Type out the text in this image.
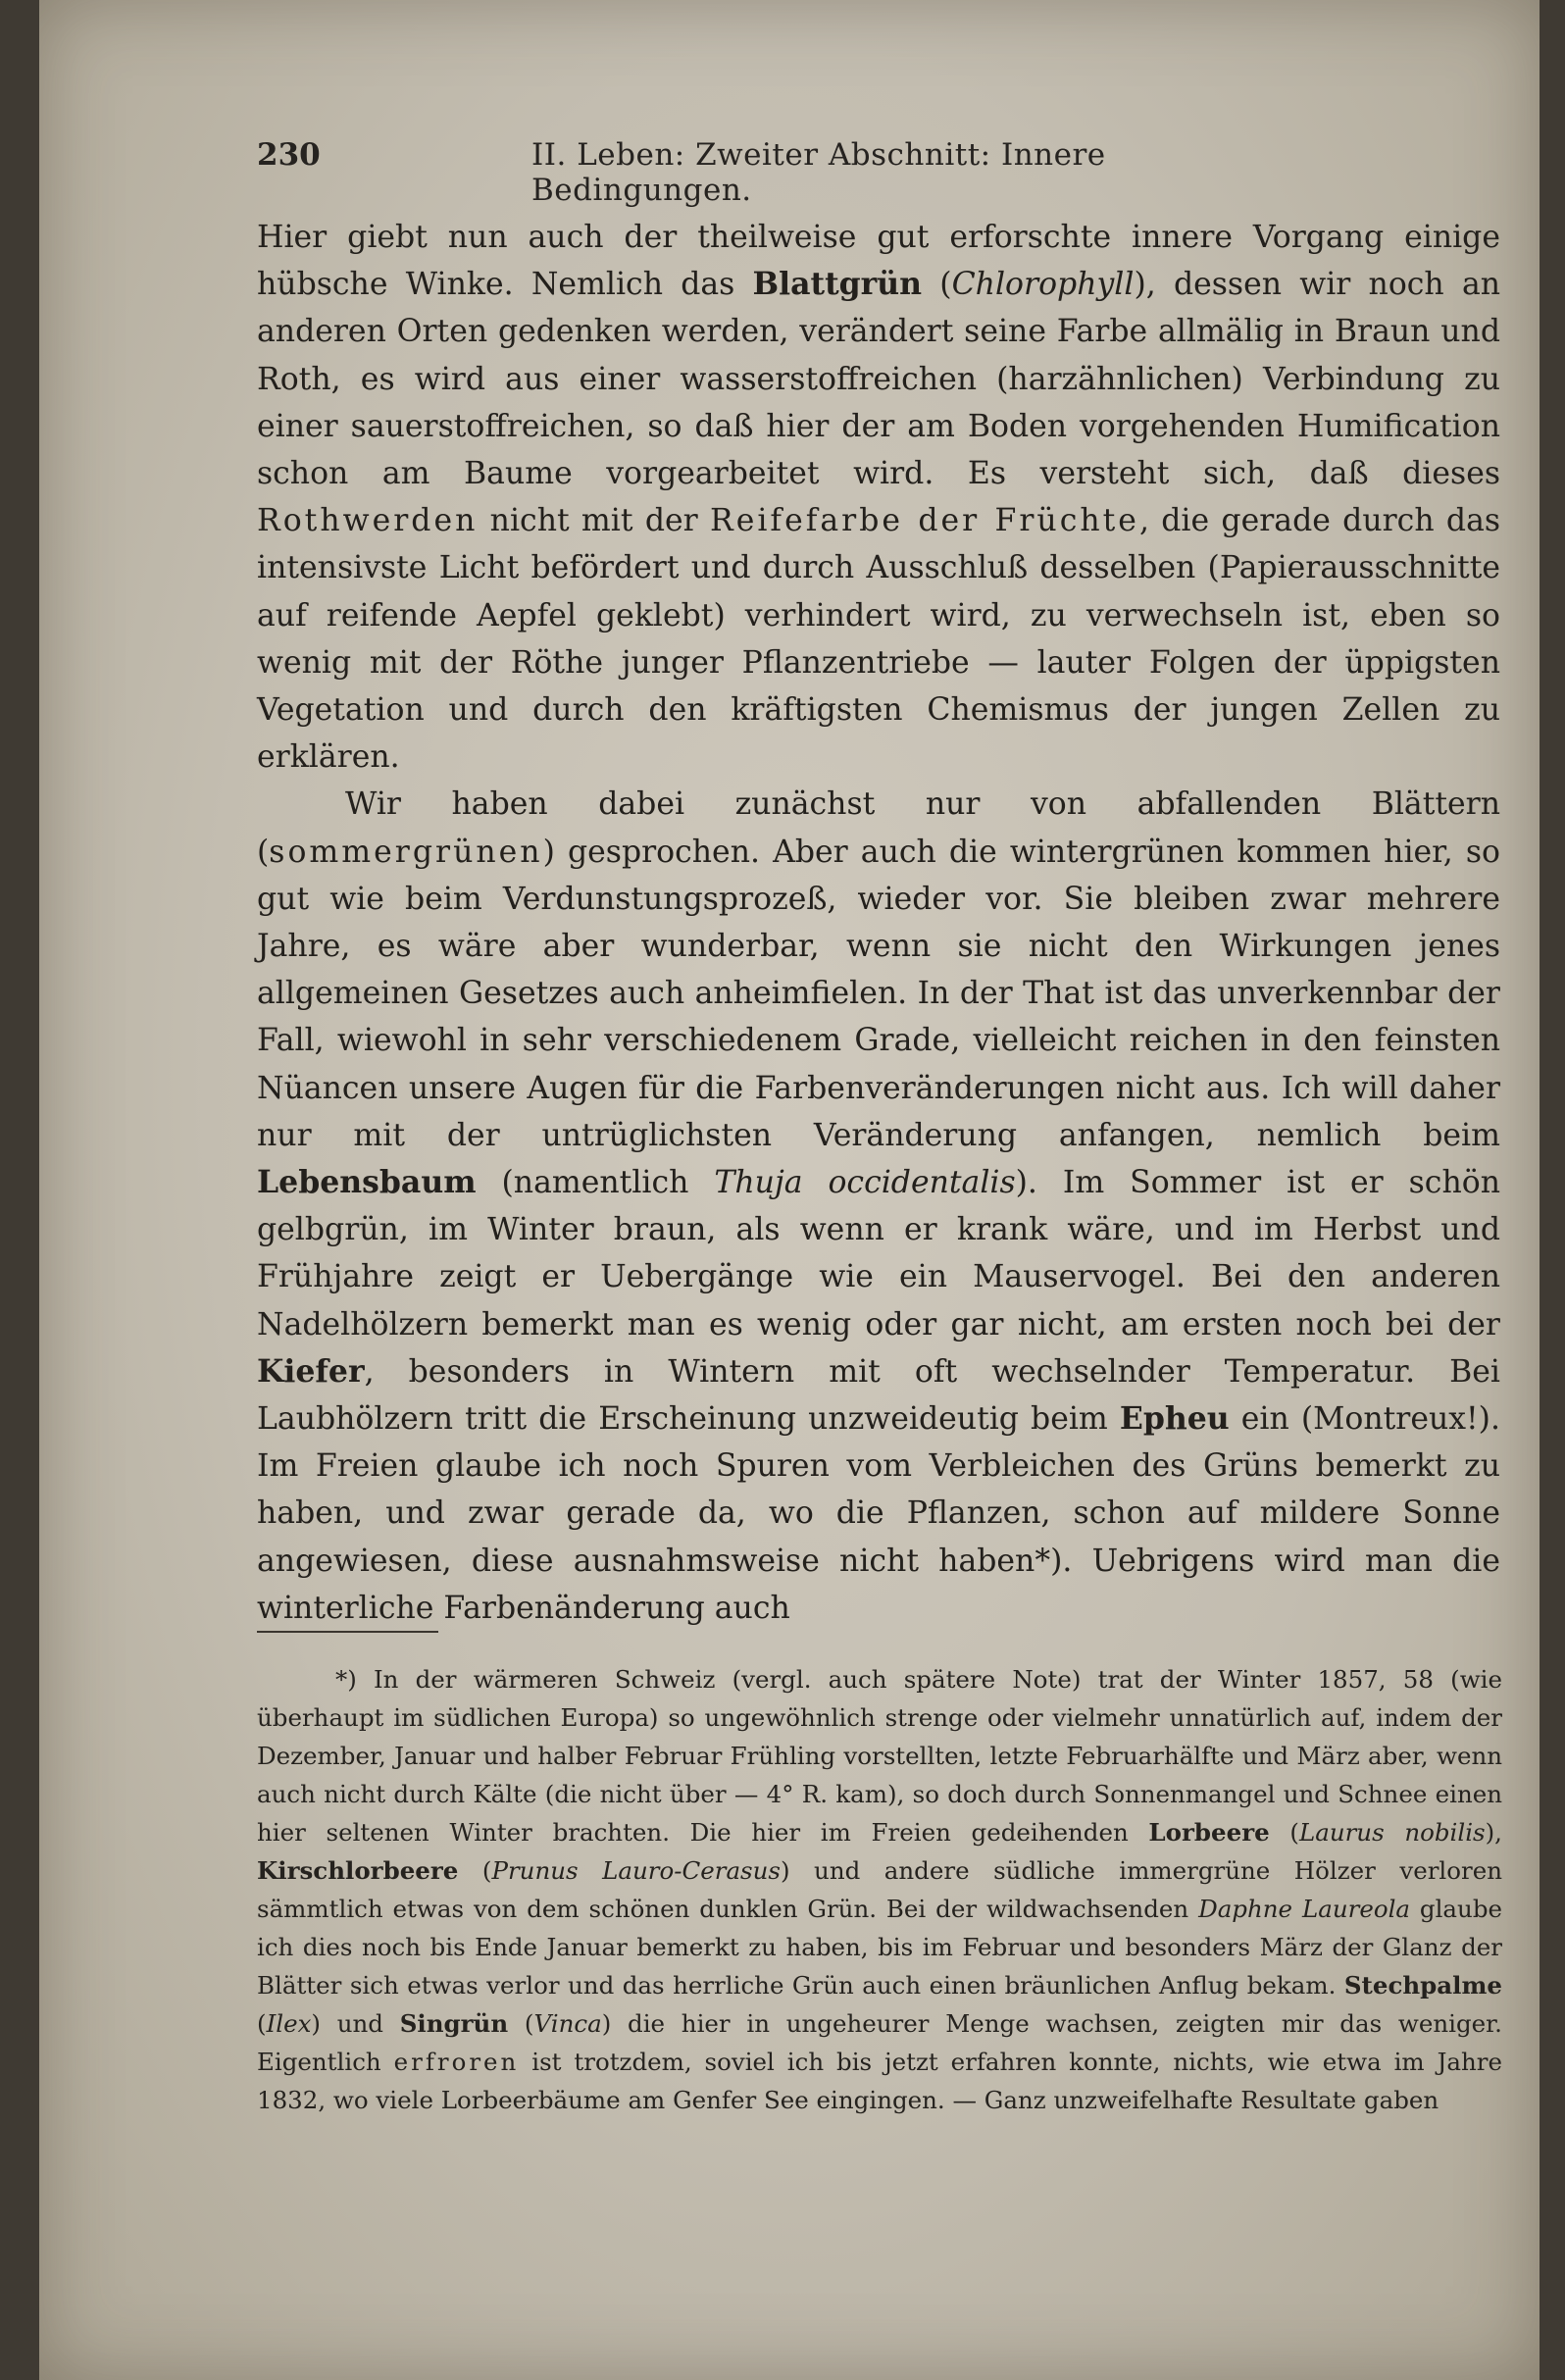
230	II. Leben: Zweiter Abschnitt: Innere Bedingungen.

Hier giebt nun auch der theilweise gut erforschte innere Vorgang einige hübsche Winke. Nemlich das Blattgrün (Chlorophyll), dessen wir noch an anderen Orten gedenken werden, verändert seine Farbe allmälig in Braun und Roth, es wird aus einer wasserstoffreichen (harzähnlichen) Verbindung zu einer sauerstoffreichen, so daß hier der am Boden vorgehenden Humification schon am Baume vorgearbeitet wird. Es versteht sich, daß dieses Rothwerden nicht mit der Reifefarbe der Früchte, die gerade durch das intensivste Licht befördert und durch Ausschluß desselben (Papierausschnitte auf reifende Aepfel geklebt) verhindert wird, zu verwechseln ist, eben so wenig mit der Röthe junger Pflanzentriebe — lauter Folgen der üppigsten Vegetation und durch den kräftigsten Chemismus der jungen Zellen zu erklären.

Wir haben dabei zunächst nur von abfallenden Blättern (sommergrünen) gesprochen. Aber auch die wintergrünen kommen hier, so gut wie beim Verdunstungsprozeß, wieder vor. Sie bleiben zwar mehrere Jahre, es wäre aber wunderbar, wenn sie nicht den Wirkungen jenes allgemeinen Gesetzes auch anheimfielen. In der That ist das unverkennbar der Fall, wiewohl in sehr verschiedenem Grade, vielleicht reichen in den feinsten Nüancen unsere Augen für die Farbenveränderungen nicht aus. Ich will daher nur mit der untrüglichsten Veränderung anfangen, nemlich beim Lebensbaum (namentlich Thuja occidentalis). Im Sommer ist er schön gelbgrün, im Winter braun, als wenn er krank wäre, und im Herbst und Frühjahre zeigt er Uebergänge wie ein Mauservogel. Bei den anderen Nadelhölzern bemerkt man es wenig oder gar nicht, am ersten noch bei der Kiefer, besonders in Wintern mit oft wechselnder Temperatur. Bei Laubhölzern tritt die Erscheinung unzweideutig beim Epheu ein (Montreux!). Im Freien glaube ich noch Spuren vom Verbleichen des Grüns bemerkt zu haben, und zwar gerade da, wo die Pflanzen, schon auf mildere Sonne angewiesen, diese ausnahmsweise nicht haben*). Uebrigens wird man die winterliche Farbenänderung auch

*) In der wärmeren Schweiz (vergl. auch spätere Note) trat der Winter 1857, 58 (wie überhaupt im südlichen Europa) so ungewöhnlich strenge oder vielmehr unnatürlich auf, indem der Dezember, Januar und halber Februar Frühling vorstellten, letzte Februarhälfte und März aber, wenn auch nicht durch Kälte (die nicht über — 4° R. kam), so doch durch Sonnenmangel und Schnee einen hier seltenen Winter brachten. Die hier im Freien gedeihenden Lorbeere (Laurus nobilis), Kirschlorbeere (Prunus Lauro-Cerasus) und andere südliche immergrüne Hölzer verloren sämmtlich etwas von dem schönen dunklen Grün. Bei der wildwachsenden Daphne Laureola glaube ich dies noch bis Ende Januar bemerkt zu haben, bis im Februar und besonders März der Glanz der Blätter sich etwas verlor und das herrliche Grün auch einen bräunlichen Anflug bekam. Stechpalme (Ilex) und Singrün (Vinca) die hier in ungeheurer Menge wachsen, zeigten mir das weniger. Eigentlich erfroren ist trotzdem, soviel ich bis jetzt erfahren konnte, nichts, wie etwa im Jahre 1832, wo viele Lorbeerbäume am Genfer See eingingen. — Ganz unzweifelhafte Resultate gaben
